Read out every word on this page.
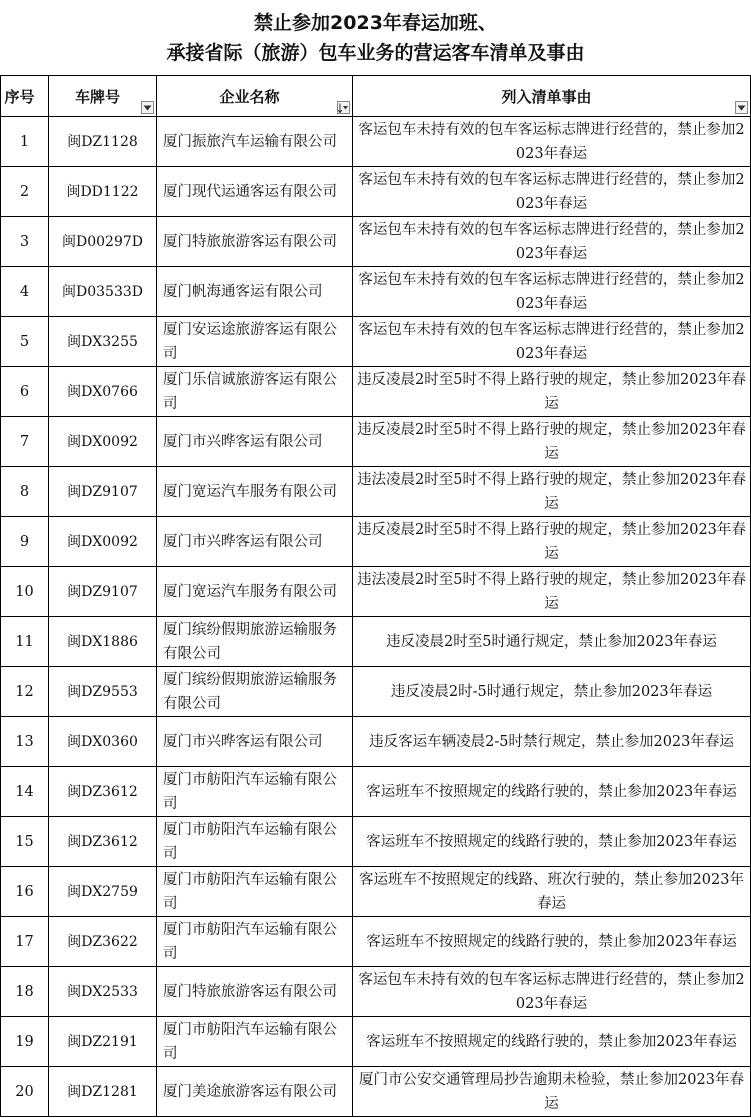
禁止参加2023年春运加班、
承接省际（旅游）包车业务的营运客车清单及事由
序号	车牌号	企业名称	列入清单事由

1	闽DZ1128	厦门振旅汽车运输有限公司	客运包车未持有效的包车客运标志牌进行经营的，禁止参加2023年春运
2	闽DD1122	厦门现代运通客运有限公司	客运包车未持有效的包车客运标志牌进行经营的，禁止参加2023年春运
3	闽D00297D	厦门特旅旅游客运有限公司	客运包车未持有效的包车客运标志牌进行经营的，禁止参加2023年春运
4	闽D03533D	厦门帆海通客运有限公司	客运包车未持有效的包车客运标志牌进行经营的，禁止参加2023年春运
5	闽DX3255	厦门安运途旅游客运有限公司	客运包车未持有效的包车客运标志牌进行经营的，禁止参加2023年春运
6	闽DX0766	厦门乐信诚旅游客运有限公司	违反凌晨2时至5时不得上路行驶的规定，禁止参加2023年春运
7	闽DX0092	厦门市兴晔客运有限公司	违反凌晨2时至5时不得上路行驶的规定，禁止参加2023年春运
8	闽DZ9107	厦门宽运汽车服务有限公司	违法凌晨2时至5时不得上路行驶的规定，禁止参加2023年春运
9	闽DX0092	厦门市兴晔客运有限公司	违反凌晨2时至5时不得上路行驶的规定，禁止参加2023年春运
10	闽DZ9107	厦门宽运汽车服务有限公司	违法凌晨2时至5时不得上路行驶的规定，禁止参加2023年春运
11	闽DX1886	厦门缤纷假期旅游运输服务有限公司	违反凌晨2时至5时通行规定，禁止参加2023年春运
12	闽DZ9553	厦门缤纷假期旅游运输服务有限公司	违反凌晨2时-5时通行规定，禁止参加2023年春运
13	闽DX0360	厦门市兴晔客运有限公司	违反客运车辆凌晨2-5时禁行规定，禁止参加2023年春运
14	闽DZ3612	厦门市舫阳汽车运输有限公司	客运班车不按照规定的线路行驶的，禁止参加2023年春运
15	闽DZ3612	厦门市舫阳汽车运输有限公司	客运班车不按照规定的线路行驶的，禁止参加2023年春运
16	闽DX2759	厦门市舫阳汽车运输有限公司	客运班车不按照规定的线路、班次行驶的，禁止参加2023年春运
17	闽DZ3622	厦门市舫阳汽车运输有限公司	客运班车不按照规定的线路行驶的，禁止参加2023年春运
18	闽DX2533	厦门特旅旅游客运有限公司	客运包车未持有效的包车客运标志牌进行经营的，禁止参加2023年春运
19	闽DZ2191	厦门市舫阳汽车运输有限公司	客运班车不按照规定的线路行驶的，禁止参加2023年春运
20	闽DZ1281	厦门美途旅游客运有限公司	厦门市公安交通管理局抄告逾期未检验，禁止参加2023年春运
